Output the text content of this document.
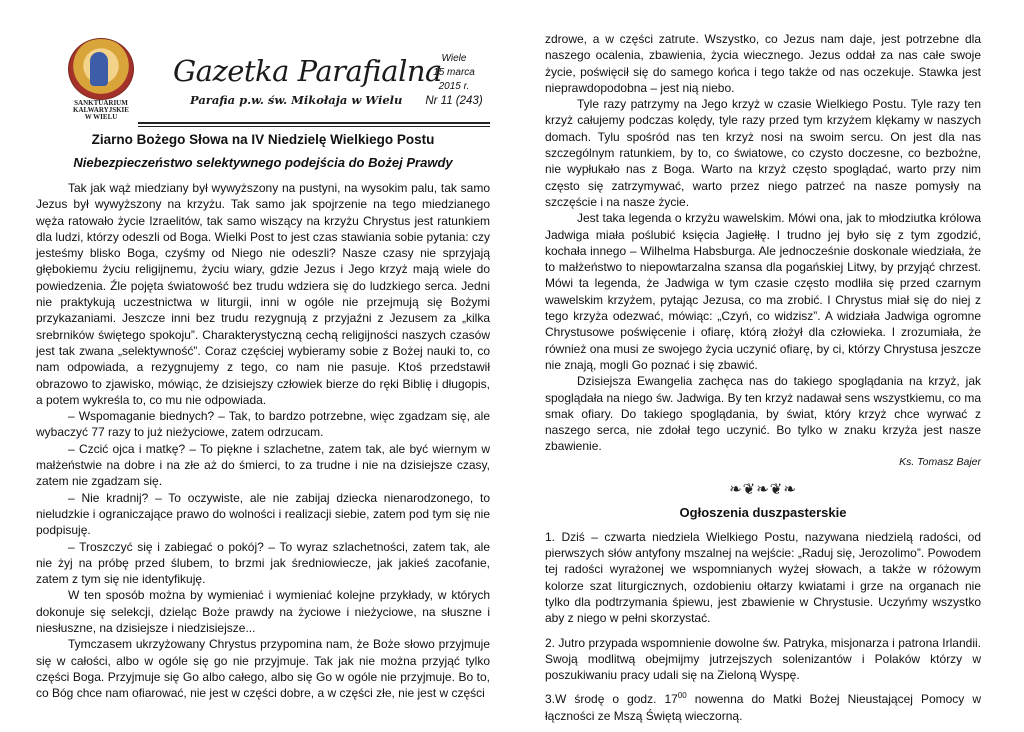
SANKTUARIUM
KALWARYJSKIE
W WIELU
Gazetka Parafialna
Parafia p.w. św. Mikołaja w Wielu
Wiele
15 marca
2015 r.
Nr 11 (243)
Ziarno Bożego Słowa na IV Niedzielę Wielkiego Postu
Niebezpieczeństwo selektywnego podejścia do Bożej Prawdy

Tak jak wąż miedziany był wywyższony na pustyni, na wysokim palu, tak samo Jezus był wywyższony na krzyżu. Tak samo jak spojrzenie na tego miedzianego węża ratowało życie Izraelitów, tak samo wiszący na krzyżu Chrystus jest ratunkiem dla ludzi, którzy odeszli od Boga. Wielki Post to jest czas stawiania sobie pytania: czy jesteśmy blisko Boga, czyśmy od Niego nie odeszli? Nasze czasy nie sprzyjają głębokiemu życiu religijnemu, życiu wiary, gdzie Jezus i Jego krzyż mają wiele do powiedzenia. Źle pojęta światowość bez trudu wdziera się do ludzkiego serca. Jedni nie praktykują uczestnictwa w liturgii, inni w ogóle nie przejmują się Bożymi przykazaniami. Jeszcze inni bez trudu rezygnują z przyjaźni z Jezusem za „kilka srebrników świętego spokoju”. Charakterystyczną cechą religijności naszych czasów jest tak zwana „selektywność”. Coraz częściej wybieramy sobie z Bożej nauki to, co nam odpowiada, a rezygnujemy z tego, co nam nie pasuje. Ktoś przedstawił obrazowo to zjawisko, mówiąc, że dzisiejszy człowiek bierze do ręki Biblię i długopis, a potem wykreśla to, co mu nie odpowiada.

– Wspomaganie biednych? – Tak, to bardzo potrzebne, więc zgadzam się, ale wybaczyć 77 razy to już nieżyciowe, zatem odrzucam.

– Czcić ojca i matkę? – To piękne i szlachetne, zatem tak, ale być wiernym w małżeństwie na dobre i na złe aż do śmierci, to za trudne i nie na dzisiejsze czasy, zatem nie zgadzam się.

– Nie kradnij? – To oczywiste, ale nie zabijaj dziecka nienarodzonego, to nieludzkie i ograniczające prawo do wolności i realizacji siebie, zatem pod tym się nie podpisuję.

– Troszczyć się i zabiegać o pokój? – To wyraz szlachetności, zatem tak, ale nie żyj na próbę przed ślubem, to brzmi jak średniowiecze, jak jakieś zacofanie, zatem z tym się nie identyfikuję.

W ten sposób można by wymieniać i wymieniać kolejne przykłady, w których dokonuje się selekcji, dzieląc Boże prawdy na życiowe i nieżyciowe, na słuszne i niesłuszne, na dzisiejsze i niedzisiejsze...

Tymczasem ukrzyżowany Chrystus przypomina nam, że Boże słowo przyjmuje się w całości, albo w ogóle się go nie przyjmuje. Tak jak nie można przyjąć tylko części Boga. Przyjmuje się Go albo całego, albo się Go w ogóle nie przyjmuje. Bo to, co Bóg chce nam ofiarować, nie jest w części dobre, a w części złe, nie jest w części

zdrowe, a w części zatrute. Wszystko, co Jezus nam daje, jest potrzebne dla naszego ocalenia, zbawienia, życia wiecznego. Jezus oddał za nas całe swoje życie, poświęcił się do samego końca i tego także od nas oczekuje. Stawka jest nieprawdopodobna – jest nią niebo.

Tyle razy patrzymy na Jego krzyż w czasie Wielkiego Postu. Tyle razy ten krzyż całujemy podczas kolędy, tyle razy przed tym krzyżem klękamy w naszych domach. Tylu spośród nas ten krzyż nosi na swoim sercu. On jest dla nas szczególnym ratunkiem, by to, co światowe, co czysto doczesne, co bezbożne, nie wypłukało nas z Boga. Warto na krzyż często spoglądać, warto przy nim często się zatrzymywać, warto przez niego patrzeć na nasze pomysły na szczęście i na nasze życie.

Jest taka legenda o krzyżu wawelskim. Mówi ona, jak to młodziutka królowa Jadwiga miała poślubić księcia Jagiełłę. I trudno jej było się z tym zgodzić, kochała innego – Wilhelma Habsburga. Ale jednocześnie doskonale wiedziała, że to małżeństwo to niepowtarzalna szansa dla pogańskiej Litwy, by przyjąć chrzest. Mówi ta legenda, że Jadwiga w tym czasie często modliła się przed czarnym wawelskim krzyżem, pytając Jezusa, co ma zrobić. I Chrystus miał się do niej z tego krzyża odezwać, mówiąc: „Czyń, co widzisz”. A widziała Jadwiga ogromne Chrystusowe poświęcenie i ofiarę, którą złożył dla człowieka. I zrozumiała, że również ona musi ze swojego życia uczynić ofiarę, by ci, którzy Chrystusa jeszcze nie znają, mogli Go poznać i się zbawić.

Dzisiejsza Ewangelia zachęca nas do takiego spoglądania na krzyż, jak spoglądała na niego św. Jadwiga. By ten krzyż nadawał sens wszystkiemu, co ma smak ofiary. Do takiego spoglądania, by świat, który krzyż chce wyrwać z naszego serca, nie zdołał tego uczynić. Bo tylko w znaku krzyża jest nasze zbawienie.

Ks. Tomasz Bajer
❧❦❧❦❧
Ogłoszenia duszpasterskie

1. Dziś – czwarta niedziela Wielkiego Postu, nazywana niedzielą radości, od pierwszych słów antyfony mszalnej na wejście: „Raduj się, Jerozolimo”. Powodem tej radości wyrażonej we wspomnianych wyżej słowach, a także w różowym kolorze szat liturgicznych, ozdobieniu ołtarzy kwiatami i grze na organach nie tylko dla podtrzymania śpiewu, jest zbawienie w Chrystusie. Uczyńmy wszystko aby z niego w pełni skorzystać.

2. Jutro przypada wspomnienie dowolne św. Patryka, misjonarza i patrona Irlandii. Swoją modlitwą obejmijmy jutrzejszych solenizantów i Polaków którzy w poszukiwaniu pracy udali się na Zieloną Wyspę.

3.W środę o godz. $17^{00}$ nowenna do Matki Bożej Nieustającej Pomocy w łączności ze Mszą Świętą wieczorną.
